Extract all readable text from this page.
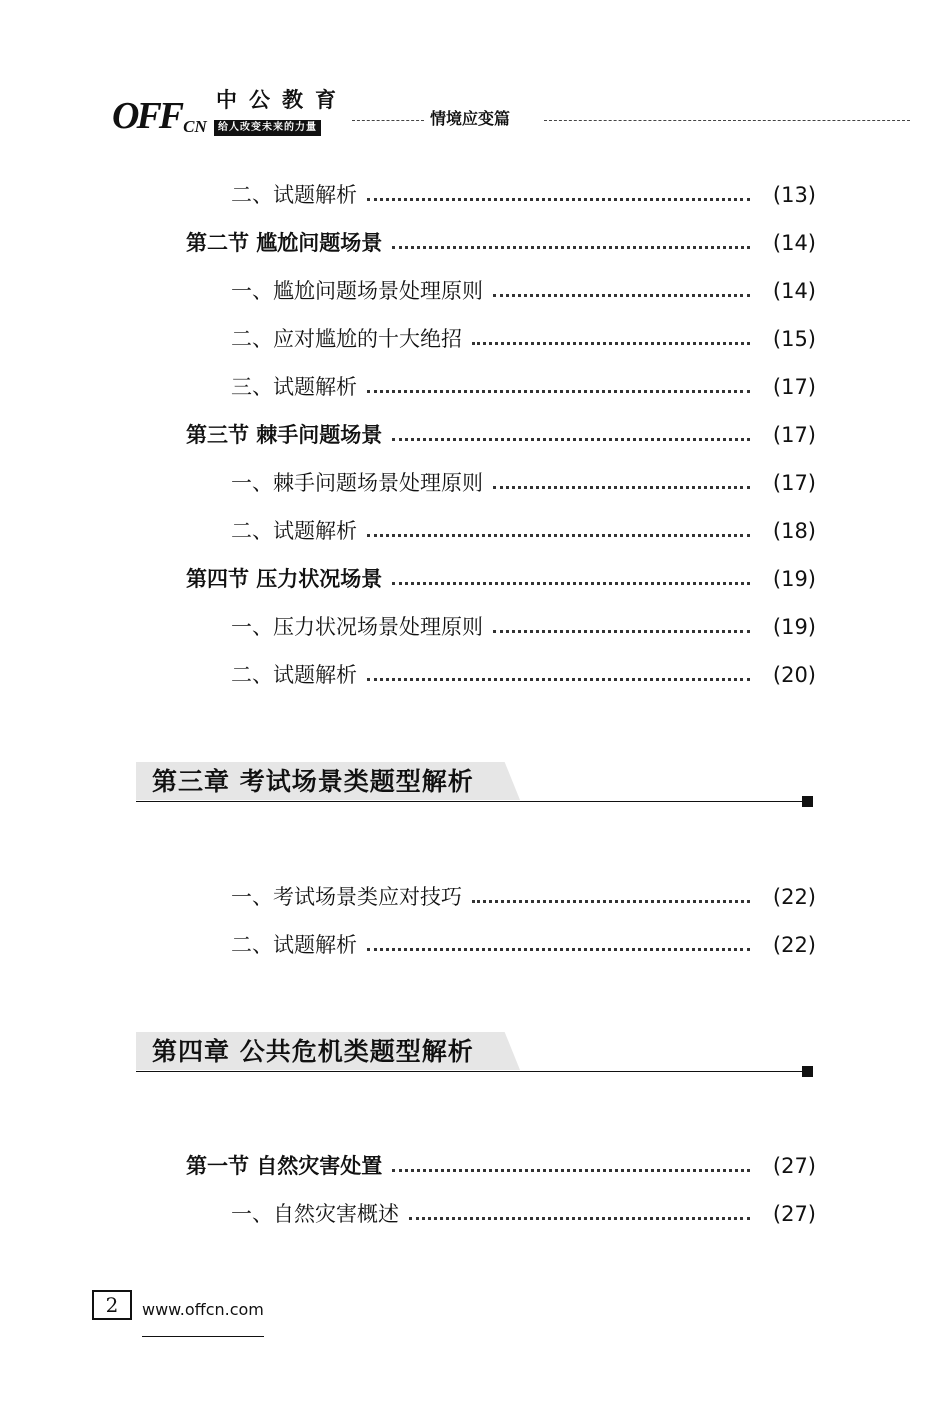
OFF CN
中公教育
给人改变未来的力量	情境应变篇
二、试题解析	(13)
第二节 尴尬问题场景	(14)
一、尴尬问题场景处理原则	(14)
二、应对尴尬的十大绝招	(15)
三、试题解析	(17)
第三节 棘手问题场景	(17)
一、棘手问题场景处理原则	(17)
二、试题解析	(18)
第四节 压力状况场景	(19)
一、压力状况场景处理原则	(19)
二、试题解析	(20)
第三章 考试场景类题型解析
一、考试场景类应对技巧	(22)
二、试题解析	(22)
第四章 公共危机类题型解析
第一节 自然灾害处置	(27)
一、自然灾害概述	(27)
2	www.offcn.com
